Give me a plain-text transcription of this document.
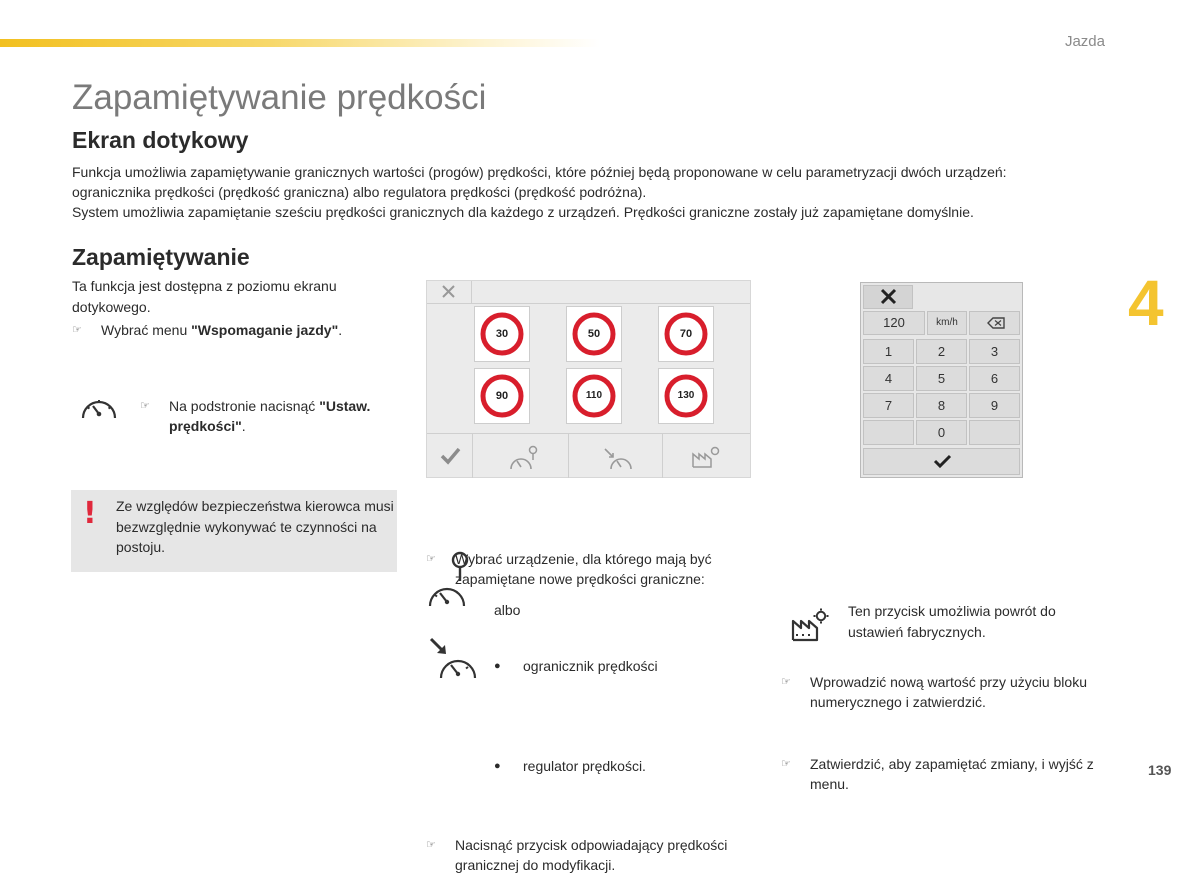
Jazda
4
Zapamiętywanie prędkości
Ekran dotykowy

Funkcja umożliwia zapamiętywanie granicznych wartości (progów) prędkości, które później będą proponowane w celu parametryzacji dwóch urządzeń:

ogranicznika prędkości (prędkość graniczna) albo regulatora prędkości (prędkość podróżna).

System umożliwia zapamiętanie sześciu prędkości granicznych dla każdego z urządzeń. Prędkości graniczne zostały już zapamiętane domyślnie.

Zapamiętywanie
Ta funkcja jest dostępna z poziomu ekranu dotykowego.
☞ Wybrać menu "Wspomaganie jazdy".
☞ Na podstronie nacisnąć "Ustaw. prędkości".
! Ze względów bezpieczeństwa kierowca musi bezwzględnie wykonywać te czynności na postoju.
30	50	70
90	110	130
☞ Wybrać urządzenie, dla którego mają być zapamiętane nowe prędkości graniczne:
● ogranicznik prędkości
albo
● regulator prędkości.
☞ Nacisnąć przycisk odpowiadający prędkości granicznej do modyfikacji.
120	km/h
1	2	3
4	5	6
7	8	9
0
☞ Wprowadzić nową wartość przy użyciu bloku numerycznego i zatwierdzić.
☞ Zatwierdzić, aby zapamiętać zmiany, i wyjść z menu.
Ten przycisk umożliwia powrót do ustawień fabrycznych.
139
